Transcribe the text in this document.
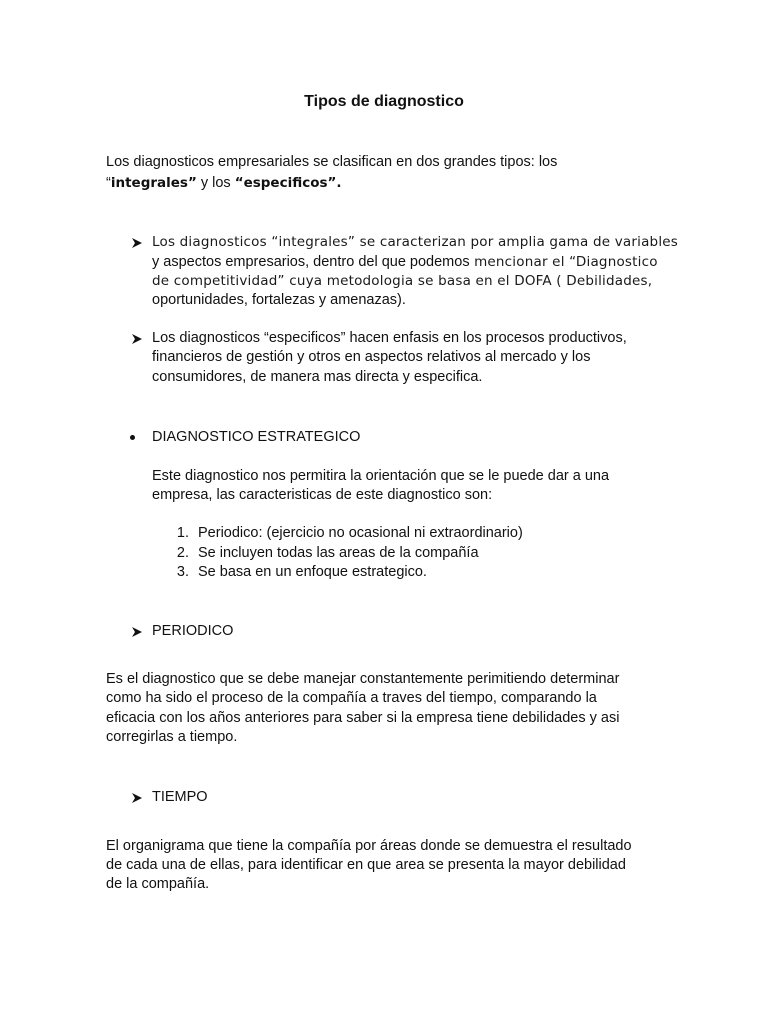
Tipos de diagnostico
Los diagnosticos empresariales se clasifican en dos grandes tipos: los
“integrales” y los “especificos”.
Los diagnosticos “integrales” se caracterizan por amplia gama de variables
y aspectos empresarios, dentro del que podemos mencionar el “Diagnostico
de competitividad” cuya metodologia se basa en el DOFA ( Debilidades,
oportunidades, fortalezas y amenazas).
Los diagnosticos “especificos” hacen enfasis en los procesos productivos,
financieros de gestión y otros en aspectos relativos al mercado y los
consumidores, de manera mas directa y especifica.
DIAGNOSTICO ESTRATEGICO
Este diagnostico nos permitira la orientación que se le puede dar a una
empresa, las caracteristicas de este diagnostico son:
1. Periodico: (ejercicio no ocasional ni extraordinario)
2. Se incluyen todas las areas de la compañía
3. Se basa en un enfoque estrategico.
PERIODICO
Es el diagnostico que se debe manejar constantemente perimitiendo determinar
como ha sido el proceso de la compañía a traves del tiempo, comparando la
eficacia con los años anteriores para saber si la empresa tiene debilidades y asi
corregirlas a tiempo.
TIEMPO
El organigrama que tiene la compañía por áreas donde se demuestra el resultado
de cada una de ellas, para identificar en que area se presenta la mayor debilidad
de la compañía.
